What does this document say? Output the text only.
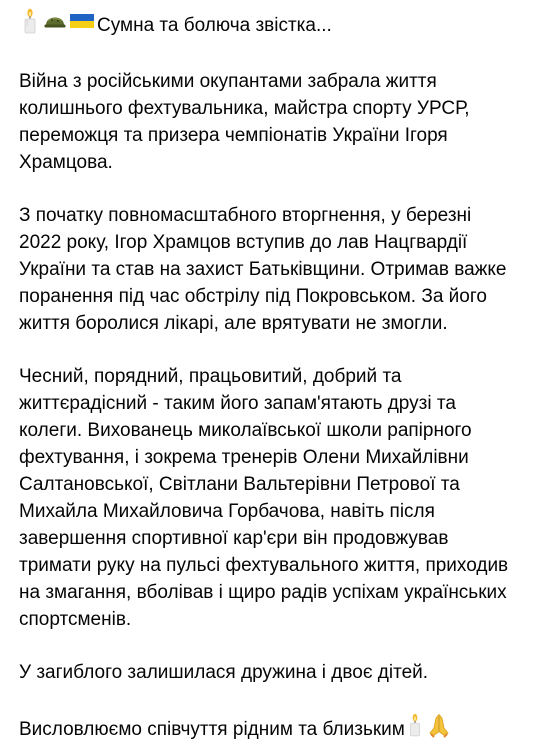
Сумна та болюча звістка...
Війна з російськими окупантами забрала життя
колишнього фехтувальника, майстра спорту УРСР,
переможця та призера чемпіонатів України Ігоря
Храмцова.
З початку повномасштабного вторгнення, у березні
2022 року, Ігор Храмцов вступив до лав Нацгвардії
України та став на захист Батьківщини. Отримав важке
поранення під час обстрілу під Покровськом. За його
життя боролися лікарі, але врятувати не змогли.
Чесний, порядний, працьовитий, добрий та
життєрадісний - таким його запам'ятають друзі та
колеги. Вихованець миколаївської школи рапірного
фехтування, і зокрема тренерів Олени Михайлівни
Салтановської, Світлани Вальтерівни Петрової та
Михайла Михайловича Горбачова, навіть після
завершення спортивної кар'єри він продовжував
тримати руку на пульсі фехтувального життя, приходив
на змагання, вболівав і щиро радів успіхам українських
спортсменів.
У загиблого залишилася дружина і двоє дітей.
Висловлюємо співчуття рідним та близьким
